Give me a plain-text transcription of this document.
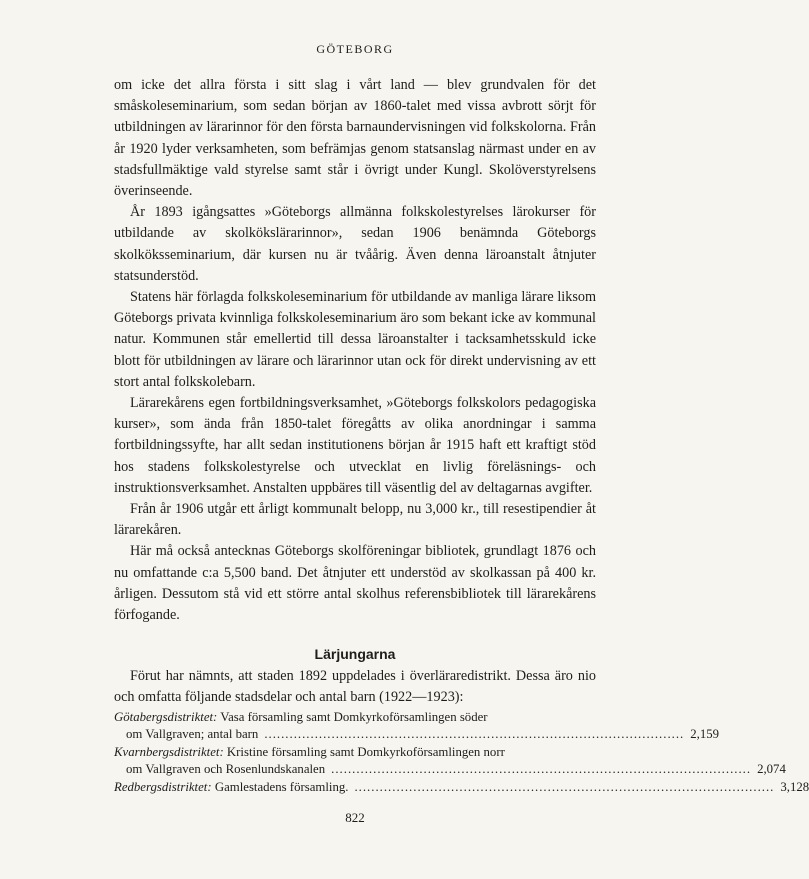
GÖTEBORG

om icke det allra första i sitt slag i vårt land — blev grundvalen för det småskoleseminarium, som sedan början av 1860-talet med vissa avbrott sörjt för utbildningen av lärarinnor för den första barnaundervisningen vid folkskolorna. Från år 1920 lyder verksamheten, som befrämjas genom statsanslag närmast under en av stadsfullmäktige vald styrelse samt står i övrigt under Kungl. Skolöverstyrelsens överinseende.

År 1893 igångsattes »Göteborgs allmänna folkskolestyrelses lärokurser för utbildande av skolkökslärarinnor», sedan 1906 benämnda Göteborgs skolköksseminarium, där kursen nu är tvåårig. Även denna läroanstalt åtnjuter statsunderstöd.

Statens här förlagda folkskoleseminarium för utbildande av manliga lärare liksom Göteborgs privata kvinnliga folkskoleseminarium äro som bekant icke av kommunal natur. Kommunen står emellertid till dessa läroanstalter i tacksamhetsskuld icke blott för utbildningen av lärare och lärarinnor utan ock för direkt undervisning av ett stort antal folkskolebarn.

Lärarekårens egen fortbildningsverksamhet, »Göteborgs folkskolors pedagogiska kurser», som ända från 1850-talet föregåtts av olika anordningar i samma fortbildningssyfte, har allt sedan institutionens början år 1915 haft ett kraftigt stöd hos stadens folkskolestyrelse och utvecklat en livlig föreläsnings- och instruktionsverksamhet. Anstalten uppbäres till väsentlig del av deltagarnas avgifter.

Från år 1906 utgår ett årligt kommunalt belopp, nu 3,000 kr., till resestipendier åt lärarekåren.

Här må också antecknas Göteborgs skolföreningar bibliotek, grundlagt 1876 och nu omfattande c:a 5,500 band. Det åtnjuter ett understöd av skolkassan på 400 kr. årligen. Dessutom stå vid ett större antal skolhus referensbibliotek till lärarekårens förfogande.

Lärjungarna

Förut har nämnts, att staden 1892 uppdelades i överläraredistrikt. Dessa äro nio och omfatta följande stadsdelar och antal barn (1922—1923):

Götabergsdistriktet: Vasa församling samt Domkyrkoförsamlingen söder
om Vallgraven; antal barn .................................................................................................... 2,159
Kvarnbergsdistriktet: Kristine församling samt Domkyrkoförsamlingen norr
om Vallgraven och Rosenlundskanalen .................................................................................................... 2,074
Redbergsdistriktet: Gamlestadens församling. .................................................................................................... 3,128
822
